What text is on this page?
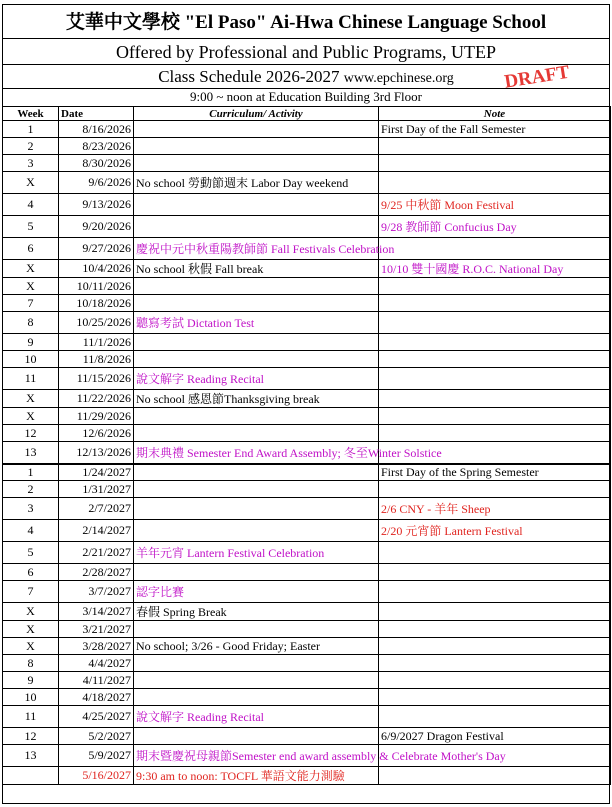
艾華中文學校 "El Paso" Ai-Hwa Chinese Language School
Offered by Professional and Public Programs, UTEP
Class Schedule 2026-2027 www.epchinese.org
9:00 ~ noon at Education Building 3rd Floor
DRAFT
Week	Date	Curriculum/ Activity	Note
1	8/16/2026		First Day of the Fall Semester
2	8/23/2026		
3	8/30/2026		
X	9/6/2026	No school 勞動節週末 Labor Day weekend	
4	9/13/2026		9/25 中秋節 Moon Festival
5	9/20/2026		9/28 教師節 Confucius Day
6	9/27/2026	慶祝中元中秋重陽教師節 Fall Festivals Celebration	
X	10/4/2026	No school 秋假 Fall break	10/10 雙十國慶 R.O.C. National Day
X	10/11/2026		
7	10/18/2026		
8	10/25/2026	聽寫考試 Dictation Test	
9	11/1/2026		
10	11/8/2026		
11	11/15/2026	說文解字 Reading Recital	
X	11/22/2026	No school 感恩節Thanksgiving break	
X	11/29/2026		
12	12/6/2026		
13	12/13/2026	期末典禮 Semester End Award Assembly; 冬至Winter Solstice	
1	1/24/2027		First Day of the Spring Semester
2	1/31/2027		
3	2/7/2027		2/6 CNY - 羊年 Sheep
4	2/14/2027		2/20 元宵節 Lantern Festival
5	2/21/2027	羊年元宵 Lantern Festival Celebration	
6	2/28/2027		
7	3/7/2027	認字比賽	
X	3/14/2027	春假 Spring Break	
X	3/21/2027		
X	3/28/2027	No school; 3/26 - Good Friday; Easter	
8	4/4/2027		
9	4/11/2027		
10	4/18/2027		
11	4/25/2027	說文解字 Reading Recital	
12	5/2/2027		6/9/2027 Dragon Festival
13	5/9/2027	期末暨慶祝母親節Semester end award assembly & Celebrate Mother's Day	
	5/16/2027	9:30 am to noon: TOCFL 華語文能力測驗	
